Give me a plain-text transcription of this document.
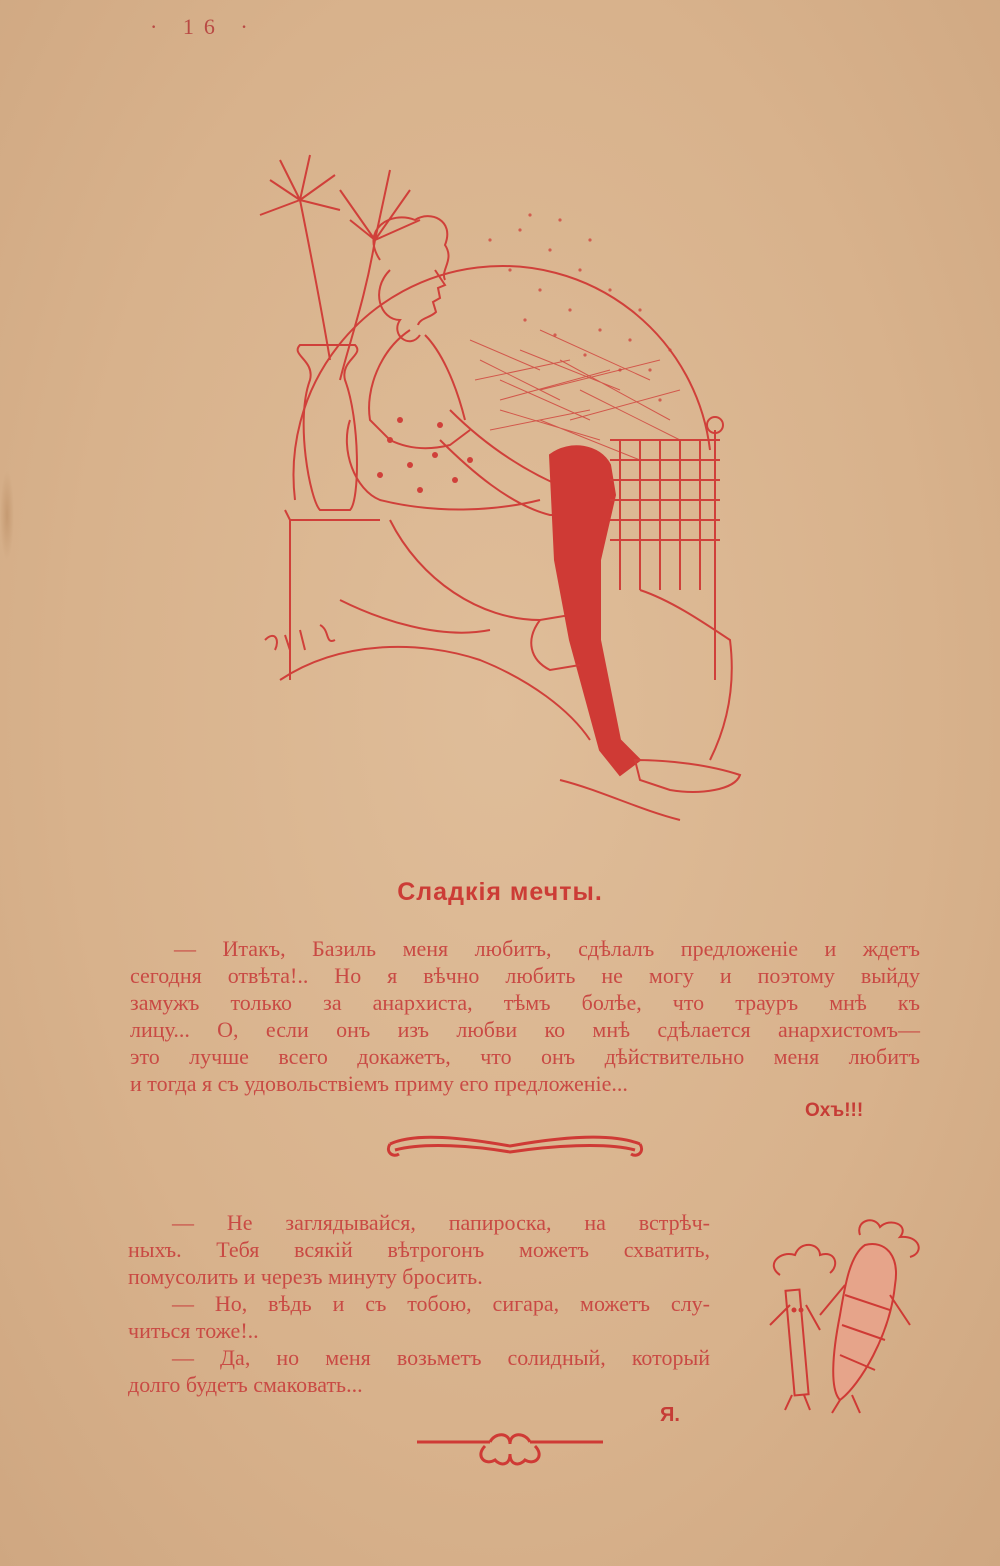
· 16 ·
Сладкія мечты.
— Итакъ, Базиль меня любитъ, сдѣлалъ предложеніе и ждетъ
сегодня отвѣта!.. Но я вѣчно любить не могу и поэтому выйду
замужъ только за анархиста, тѣмъ болѣе, что трауръ мнѣ къ
лицу... О, если онъ изъ любви ко мнѣ сдѣлается анархистомъ—
это лучше всего докажетъ, что онъ дѣйствительно меня любитъ
и тогда я съ удовольствіемъ приму его предложеніе...
Охъ!!!

— Не заглядывайся, папироска, на встрѣч-

ныхъ. Тебя всякій вѣтрогонъ можетъ схватить,

помусолить и черезъ минуту бросить.

— Но, вѣдь и съ тобою, сигара, можетъ слу-

читься тоже!..

— Да, но меня возьметъ солидный, который

долго будетъ смаковать...

Я.
